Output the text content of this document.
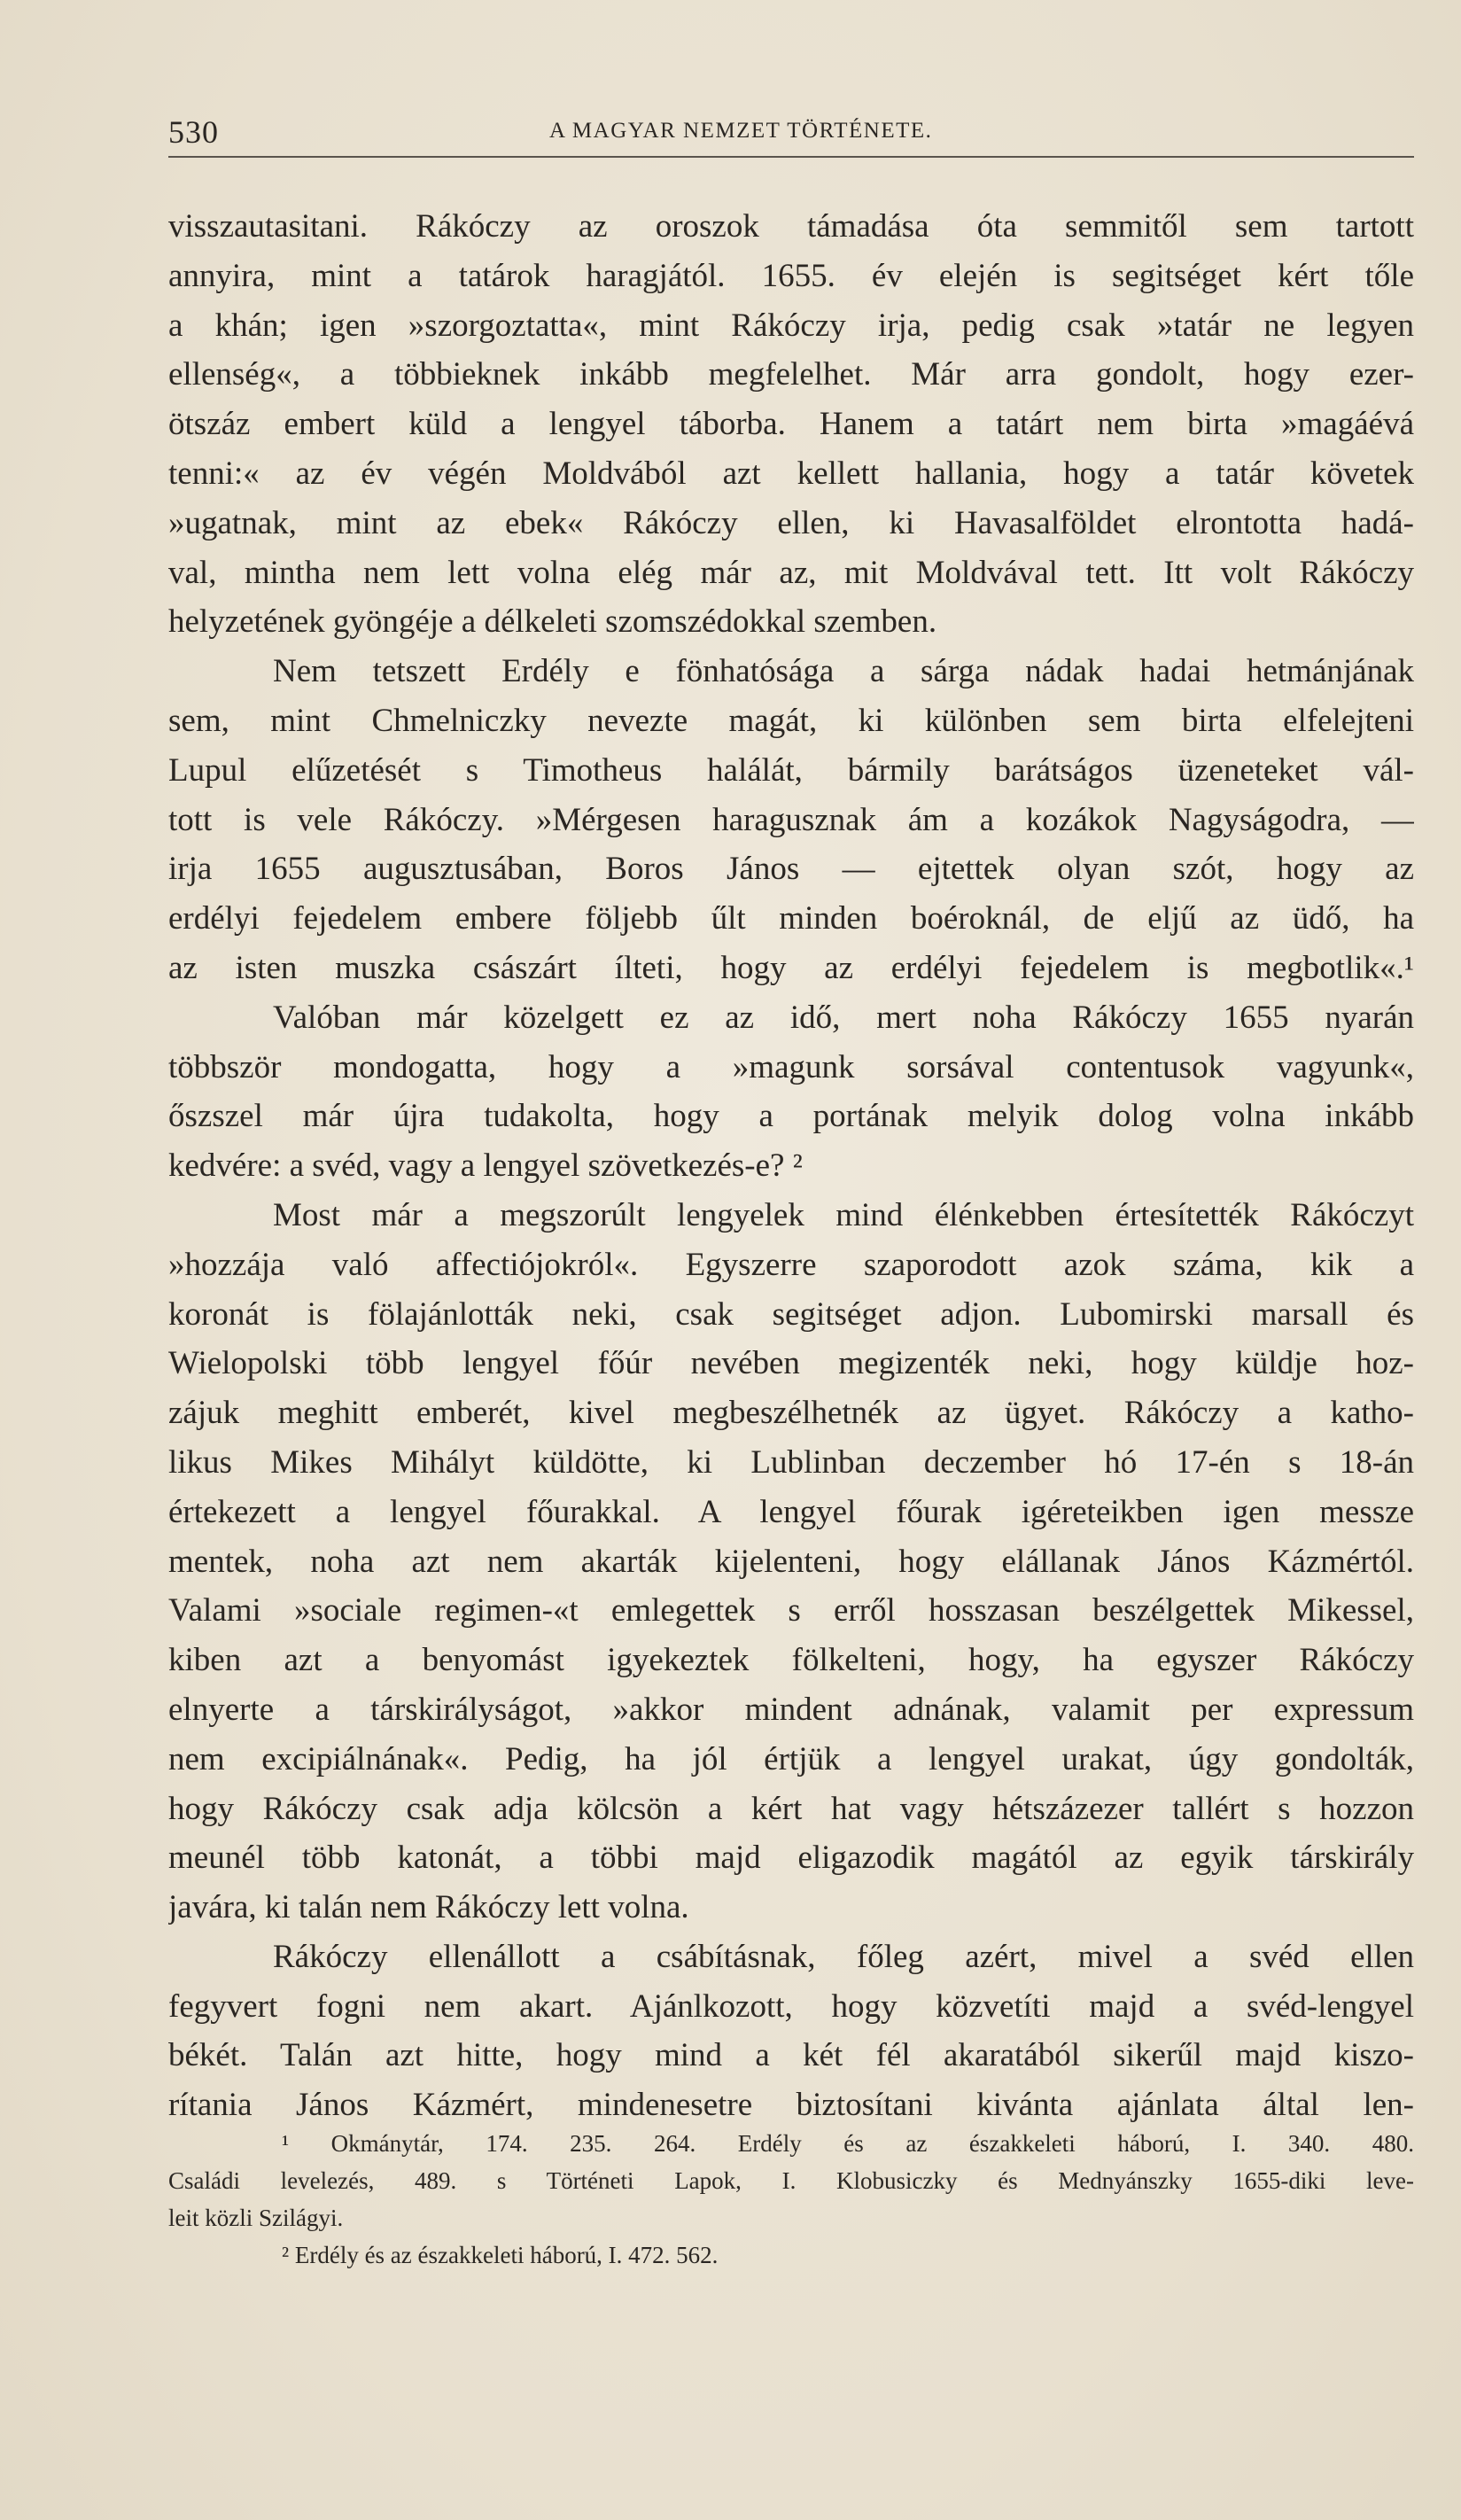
530	A MAGYAR NEMZET TÖRTÉNETE.
visszautasitani. Rákóczy az oroszok támadása óta semmitől sem tartott
annyira, mint a tatárok haragjától. 1655. év elején is segitséget kért tőle
a khán; igen »szorgoztatta«, mint Rákóczy irja, pedig csak »tatár ne legyen
ellenség«, a többieknek inkább megfelelhet. Már arra gondolt, hogy ezer-
ötszáz embert küld a lengyel táborba. Hanem a tatárt nem birta »magáévá
tenni:« az év végén Moldvából azt kellett hallania, hogy a tatár követek
»ugatnak, mint az ebek« Rákóczy ellen, ki Havasalföldet elrontotta hadá-
val, mintha nem lett volna elég már az, mit Moldvával tett. Itt volt Rákóczy
helyzetének gyöngéje a délkeleti szomszédokkal szemben.
Nem tetszett Erdély e fönhatósága a sárga nádak hadai hetmánjának
sem, mint Chmelniczky nevezte magát, ki különben sem birta elfelejteni
Lupul elűzetését s Timotheus halálát, bármily barátságos üzeneteket vál-
tott is vele Rákóczy. »Mérgesen haragusznak ám a kozákok Nagyságodra, —
irja 1655 augusztusában, Boros János — ejtettek olyan szót, hogy az
erdélyi fejedelem embere följebb űlt minden boéroknál, de eljű az üdő, ha
az isten muszka császárt ílteti, hogy az erdélyi fejedelem is megbotlik«.¹
Valóban már közelgett ez az idő, mert noha Rákóczy 1655 nyarán
többször mondogatta, hogy a »magunk sorsával contentusok vagyunk«,
őszszel már újra tudakolta, hogy a portának melyik dolog volna inkább
kedvére: a svéd, vagy a lengyel szövetkezés-e? ²
Most már a megszorúlt lengyelek mind élénkebben értesítették Rákóczyt
»hozzája való affectiójokról«. Egyszerre szaporodott azok száma, kik a
koronát is fölajánlották neki, csak segitséget adjon. Lubomirski marsall és
Wielopolski több lengyel főúr nevében megizenték neki, hogy küldje hoz-
zájuk meghitt emberét, kivel megbeszélhetnék az ügyet. Rákóczy a katho-
likus Mikes Mihályt küldötte, ki Lublinban deczember hó 17-én s 18-án
értekezett a lengyel főurakkal. A lengyel főurak igéreteikben igen messze
mentek, noha azt nem akarták kijelenteni, hogy elállanak János Kázmértól.
Valami »sociale regimen-«t emlegettek s erről hosszasan beszélgettek Mikessel,
kiben azt a benyomást igyekeztek fölkelteni, hogy, ha egyszer Rákóczy
elnyerte a társkirályságot, »akkor mindent adnának, valamit per expressum
nem excipiálnának«. Pedig, ha jól értjük a lengyel urakat, úgy gondolták,
hogy Rákóczy csak adja kölcsön a kért hat vagy hétszázezer tallért s hozzon
meunél több katonát, a többi majd eligazodik magától az egyik társkirály
javára, ki talán nem Rákóczy lett volna.
Rákóczy ellenállott a csábításnak, főleg azért, mivel a svéd ellen
fegyvert fogni nem akart. Ajánlkozott, hogy közvetíti majd a svéd-lengyel
békét. Talán azt hitte, hogy mind a két fél akaratából sikerűl majd kiszo-
rítania János Kázmért, mindenesetre biztosítani kivánta ajánlata által len-
¹ Okmánytár, 174. 235. 264. Erdély és az északkeleti háború, I. 340. 480.
Családi levelezés, 489. s Történeti Lapok, I. Klobusiczky és Mednyánszky 1655-diki leve-
leit közli Szilágyi.
² Erdély és az északkeleti háború, I. 472. 562.
